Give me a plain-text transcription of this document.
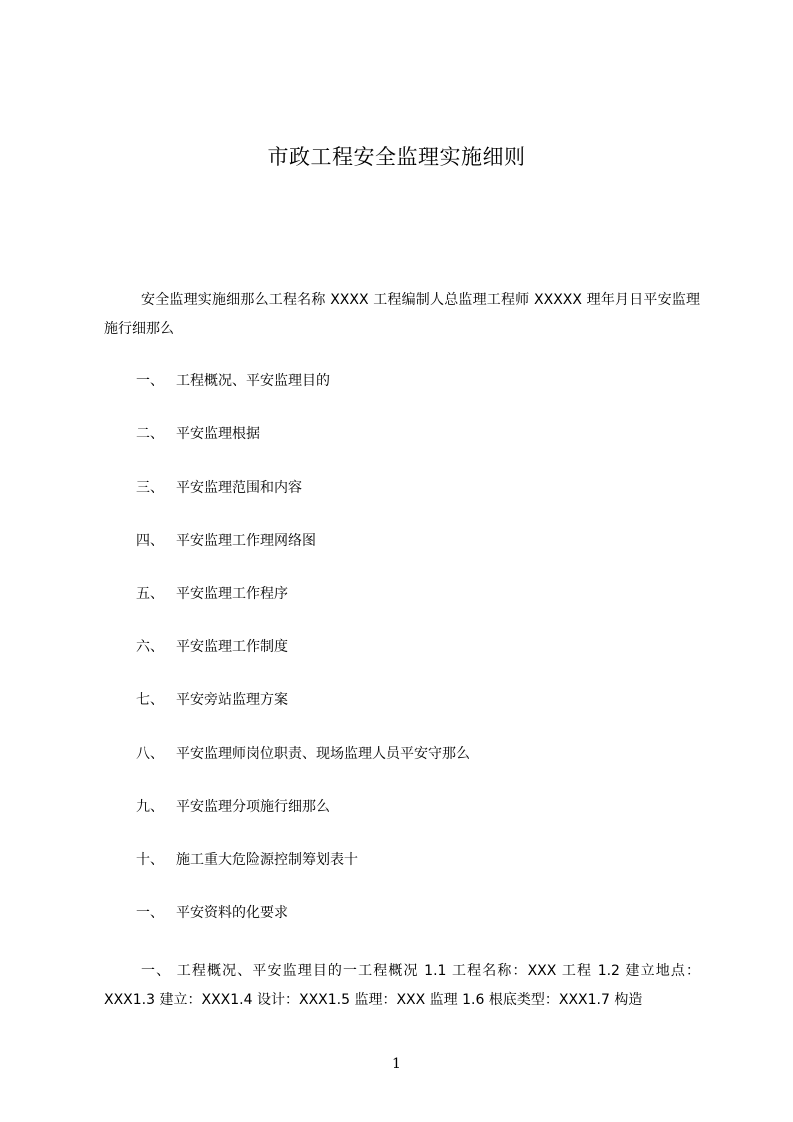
市政工程安全监理实施细则
安全监理实施细那么工程名称 XXXX 工程编制人总监理工程师 XXXXX 理年月日平安监理施行细那么
一、 工程概况、平安监理目的
二、 平安监理根据
三、 平安监理范围和内容
四、 平安监理工作理网络图
五、 平安监理工作程序
六、 平安监理工作制度
七、 平安旁站监理方案
八、 平安监理师岗位职责、现场监理人员平安守那么
九、 平安监理分项施行细那么
十、 施工重大危险源控制筹划表十
一、 平安资料的化要求
一、 工程概况、平安监理目的一工程概况 1.1 工程名称：XXX 工程 1.2 建立地点：XXX1.3 建立：XXX1.4 设计：XXX1.5 监理：XXX 监理 1.6 根底类型：XXX1.7 构造
1
